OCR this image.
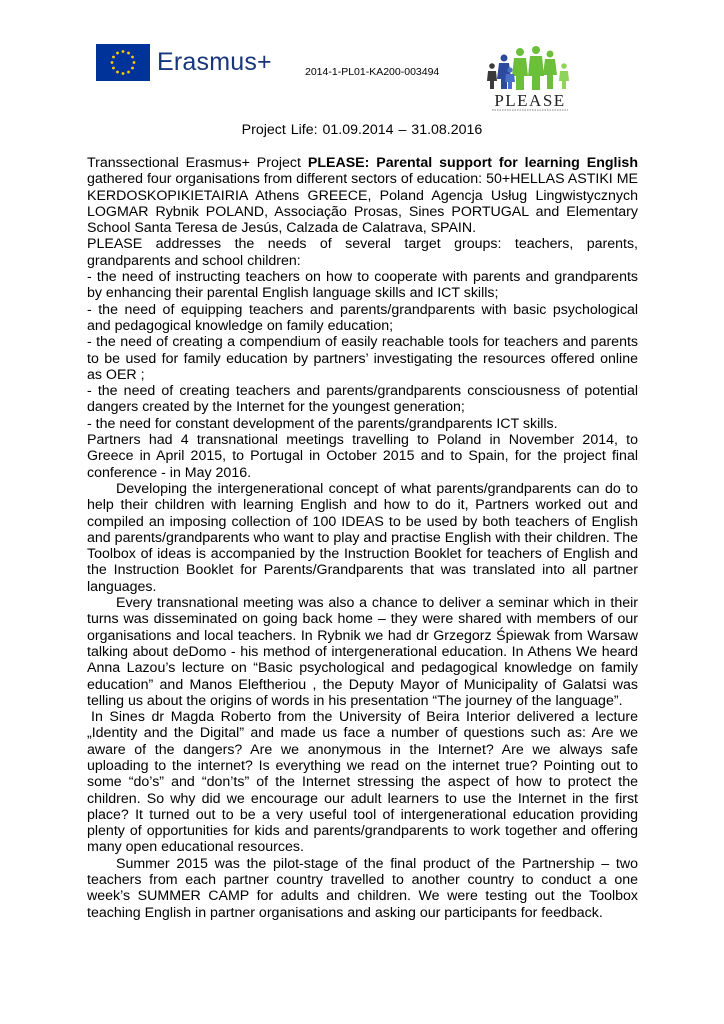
Erasmus+	2014-1-PL01-KA200-003494
PLEASE
Project Life: 01.09.2014 – 31.08.2016

Transsectional Erasmus+ Project PLEASE: Parental support for learning English gathered four organisations from different sectors of education: 50+HELLAS ASTIKI ME KERDOSKOPIKIETAIRIA Athens GREECE, Poland Agencja Usług Lingwistycznych LOGMAR Rybnik POLAND, Associação Prosas, Sines PORTUGAL and Elementary School Santa Teresa de Jesús, Calzada de Calatrava, SPAIN.

PLEASE addresses the needs of several target groups: teachers, parents, grandparents and school children:

- the need of instructing teachers on how to cooperate with parents and grandparents by enhancing their parental English language skills and ICT skills;

- the need of equipping teachers and parents/grandparents with basic psychological and pedagogical knowledge on family education;

- the need of creating a compendium of easily reachable tools for teachers and parents to be used for family education by partners’ investigating the resources offered online as OER ;

- the need of creating teachers and parents/grandparents consciousness of potential dangers created by the Internet for the youngest generation;

- the need for constant development of the parents/grandparents ICT skills.

Partners had 4 transnational meetings travelling to Poland in November 2014, to Greece in April 2015, to Portugal in October 2015 and to Spain, for the project final conference - in May 2016.

Developing the intergenerational concept of what parents/grandparents can do to help their children with learning English and how to do it, Partners worked out and compiled an imposing collection of 100 IDEAS to be used by both teachers of English and parents/grandparents who want to play and practise English with their children. The Toolbox of ideas is accompanied by the Instruction Booklet for teachers of English and the Instruction Booklet for Parents/Grandparents that was translated into all partner languages.

Every transnational meeting was also a chance to deliver a seminar which in their turns was disseminated on going back home – they were shared with members of our organisations and local teachers. In Rybnik we had dr Grzegorz Śpiewak from Warsaw talking about deDomo - his method of intergenerational education. In Athens We heard Anna Lazou’s lecture on “Basic psychological and pedagogical knowledge on family education” and Manos Eleftheriou , the Deputy Mayor of Municipality of Galatsi was telling us about the origins of words in his presentation “The journey of the language”.

In Sines dr Magda Roberto from the University of Beira Interior delivered a lecture „Identity and the Digital” and made us face a number of questions such as: Are we aware of the dangers? Are we anonymous in the Internet? Are we always safe uploading to the internet? Is everything we read on the internet true? Pointing out to some “do’s” and “don’ts” of the Internet stressing the aspect of how to protect the children. So why did we encourage our adult learners to use the Internet in the first place? It turned out to be a very useful tool of intergenerational education providing plenty of opportunities for kids and parents/grandparents to work together and offering many open educational resources.

Summer 2015 was the pilot-stage of the final product of the Partnership – two teachers from each partner country travelled to another country to conduct a one week’s SUMMER CAMP for adults and children. We were testing out the Toolbox teaching English in partner organisations and asking our participants for feedback.
